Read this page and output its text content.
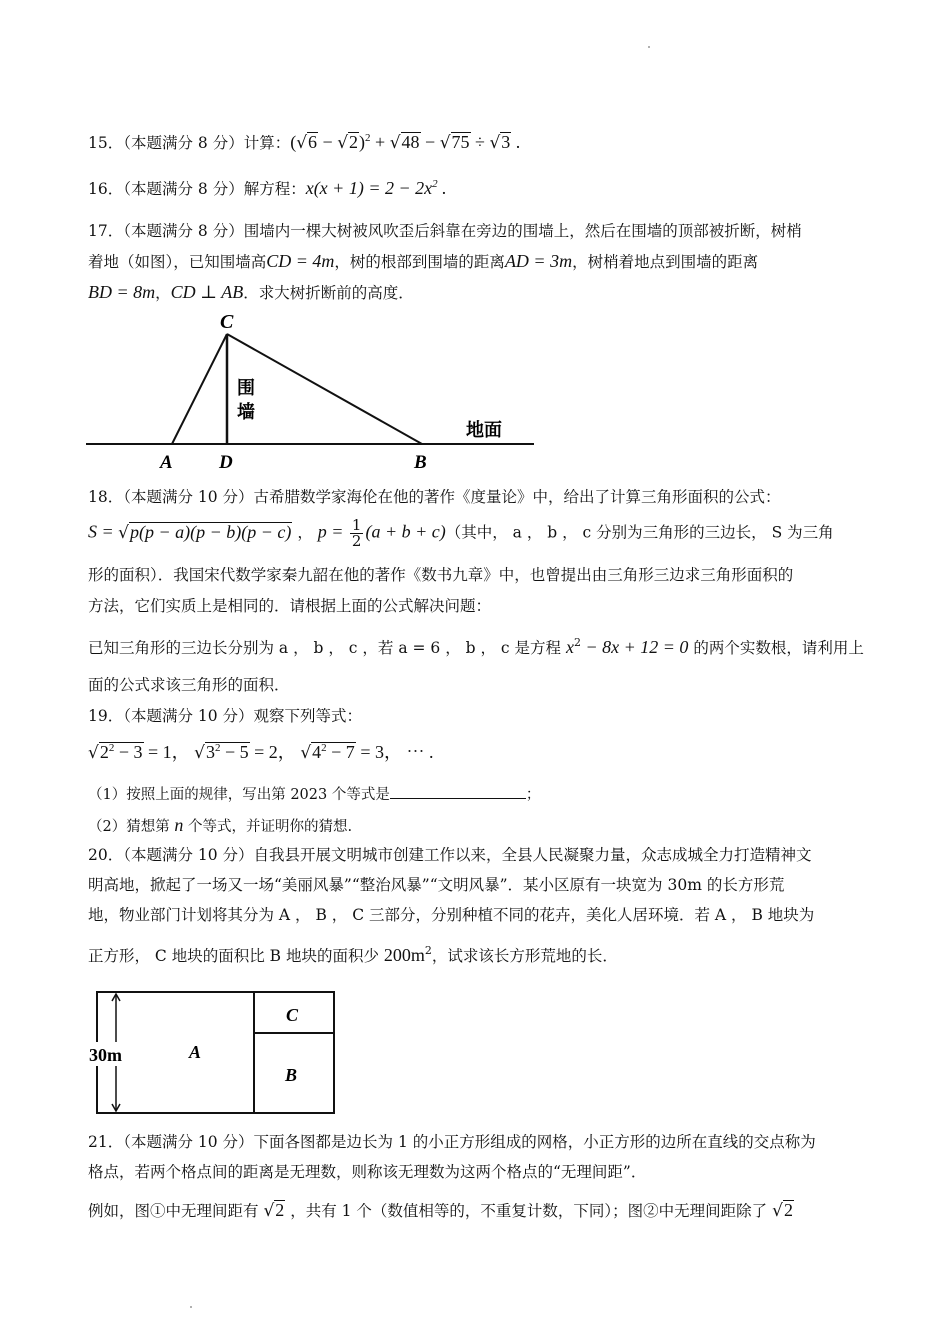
15．（本题满分 8 分）计算：$(√6 - √2)^2 + √48 - √75 \div √3$ .
16．（本题满分 8 分）解方程：$x(x + 1) = 2 - 2x^2$ .
17．（本题满分 8 分）围墙内一棵大树被风吹歪后斜靠在旁边的围墙上，然后在围墙的顶部被折断，树梢
着地（如图），已知围墙高CD = 4m，树的根部到围墙的距离AD = 3m，树梢着地点到围墙的距离
BD = 8m，CD ⊥ AB．求大树折断前的高度．
C
A D	B
围
墙
地面
18．（本题满分 10 分）古希腊数学家海伦在他的著作《度量论》中，给出了计算三角形面积的公式：
S = √p(p − a)(p − b)(p − c) ， $p = \frac{1}{2} (a + b + c)$（其中， a ， b ， c 分别为三角形的三边长， S 为三角
形的面积）．我国宋代数学家秦九韶在他的著作《数书九章》中，也曾提出由三角形三边求三角形面积的
方法，它们实质上是相同的．请根据上面的公式解决问题：
已知三角形的三边长分别为 a ， b ， c ，若 a = 6 ， b ， c 是方程 $x^2 - 8x + 12 = 0$ 的两个实数根，请利用上
面的公式求该三角形的面积．
19．（本题满分 10 分）观察下列等式：
$√2^2 - 3 = 1$， $√3^2 - 5 = 2$， $√4^2 - 7 = 3$， ⋯ .
（1）按照上面的规律，写出第 2023 个等式是	；
（2）猜想第 n 个等式，并证明你的猜想.
20．（本题满分 10 分）自我县开展文明城市创建工作以来，全县人民凝聚力量，众志成城全力打造精神文
明高地，掀起了一场又一场“美丽风暴”“整治风暴”“文明风暴”．某小区原有一块宽为 30m 的长方形荒
地，物业部门计划将其分为 A ， B ， C 三部分，分别种植不同的花卉，美化人居环境．若 A ， B 地块为
正方形， C 地块的面积比 B 地块的面积少 $200m^2$，试求该长方形荒地的长．
30m	A
C
B
21．（本题满分 10 分）下面各图都是边长为 1 的小正方形组成的网格，小正方形的边所在直线的交点称为
格点，若两个格点间的距离是无理数，则称该无理数为这两个格点的“无理间距”．
例如，图①中无理间距有 √2 ，共有 1 个（数值相等的，不重复计数，下同）；图②中无理间距除了 √2
